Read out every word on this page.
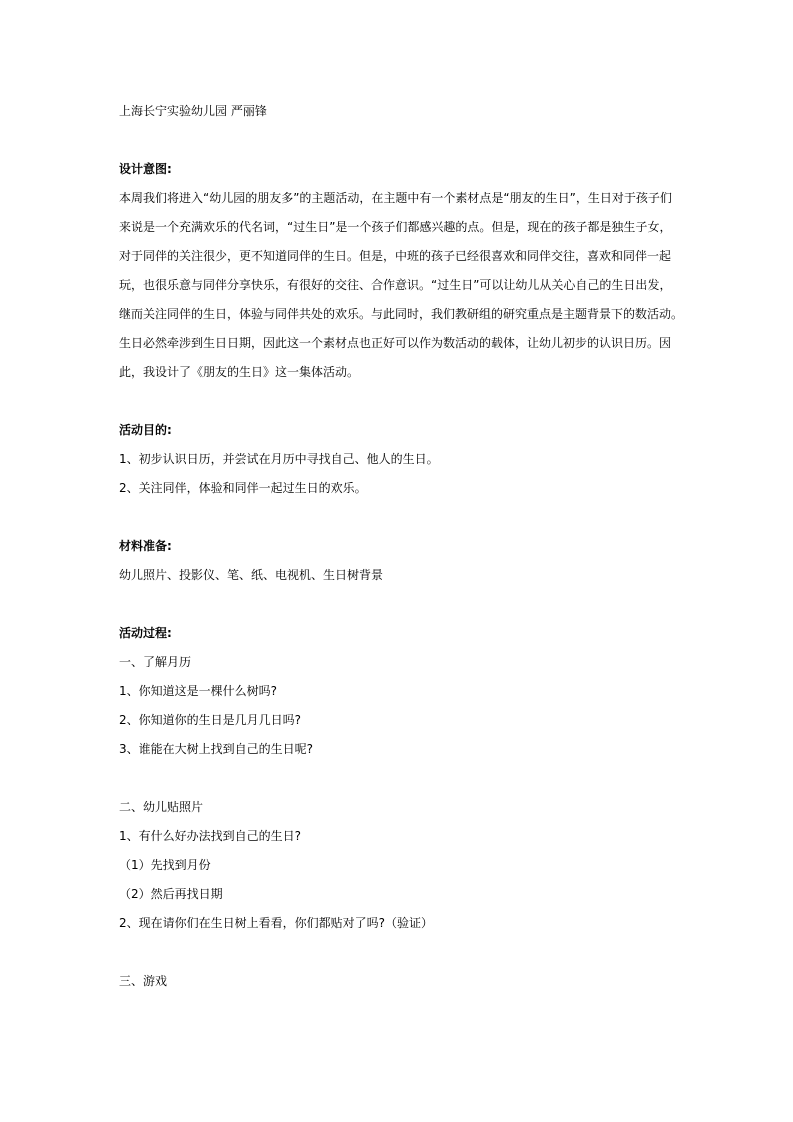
上海长宁实验幼儿园 严丽锋
设计意图:
本周我们将进入“幼儿园的朋友多”的主题活动，在主题中有一个素材点是“朋友的生日”，生日对于孩子们
来说是一个充满欢乐的代名词，“过生日”是一个孩子们都感兴趣的点。但是，现在的孩子都是独生子女，
对于同伴的关注很少，更不知道同伴的生日。但是，中班的孩子已经很喜欢和同伴交往，喜欢和同伴一起
玩，也很乐意与同伴分享快乐，有很好的交往、合作意识。“过生日”可以让幼儿从关心自己的生日出发，
继而关注同伴的生日，体验与同伴共处的欢乐。与此同时，我们教研组的研究重点是主题背景下的数活动。
生日必然牵涉到生日日期，因此这一个素材点也正好可以作为数活动的载体，让幼儿初步的认识日历。因
此，我设计了《朋友的生日》这一集体活动。
活动目的:
1、初步认识日历，并尝试在月历中寻找自己、他人的生日。
2、关注同伴，体验和同伴一起过生日的欢乐。
材料准备:
幼儿照片、投影仪、笔、纸、电视机、生日树背景
活动过程:
一、了解月历
1、你知道这是一棵什么树吗?
2、你知道你的生日是几月几日吗?
3、谁能在大树上找到自己的生日呢?
二、幼儿贴照片
1、有什么好办法找到自己的生日?
（1）先找到月份
（2）然后再找日期
2、现在请你们在生日树上看看，你们都贴对了吗?（验证）
三、游戏
